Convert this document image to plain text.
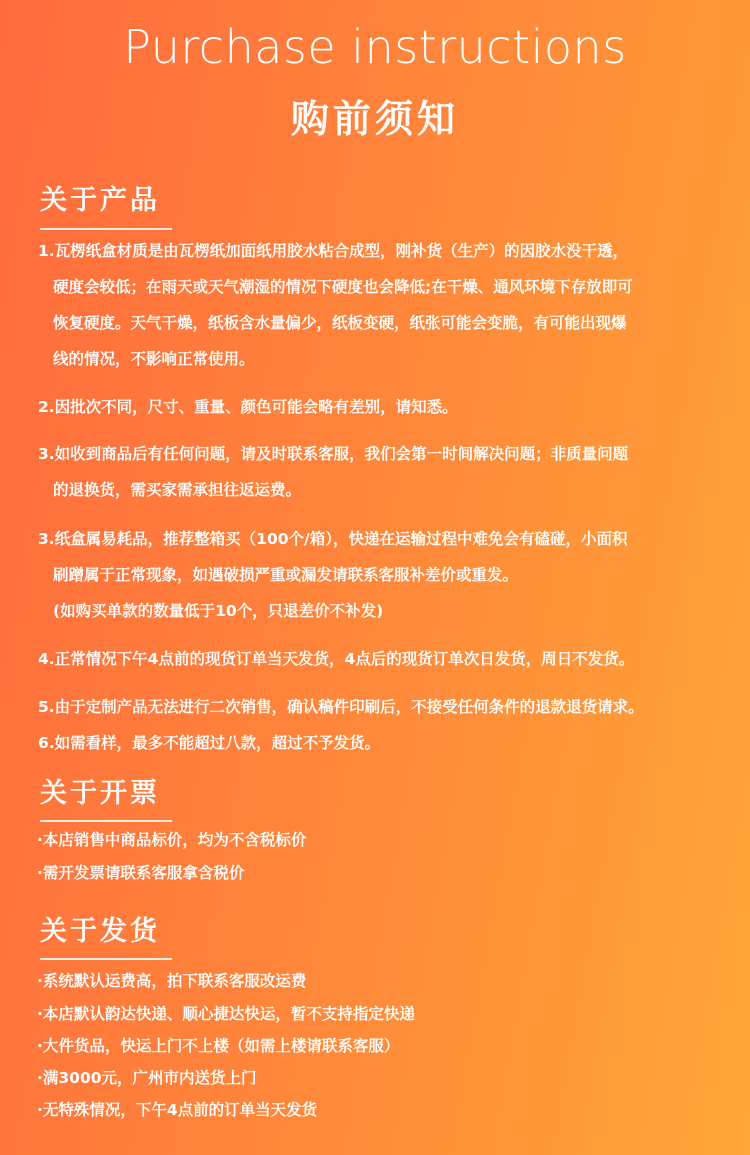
Purchase instructions
购前须知
关于产品
1.瓦楞纸盒材质是由瓦楞纸加面纸用胶水粘合成型，刚补货（生产）的因胶水没干透，
硬度会较低；在雨天或天气潮湿的情况下硬度也会降低;在干燥、通风环境下存放即可
恢复硬度。天气干燥，纸板含水量偏少，纸板变硬，纸张可能会变脆，有可能出现爆
线的情况，不影响正常使用。
2.因批次不同，尺寸、重量、颜色可能会略有差别，请知悉。
3.如收到商品后有任何问题，请及时联系客服，我们会第一时间解决问题；非质量问题
的退换货，需买家需承担往返运费。
3.纸盒属易耗品，推荐整箱买（100个/箱），快递在运输过程中难免会有磕碰，小面积
刷蹭属于正常现象，如遇破损严重或漏发请联系客服补差价或重发。
(如购买单款的数量低于10个，只退差价不补发)
4.正常情况下午4点前的现货订单当天发货，4点后的现货订单次日发货，周日不发货。
5.由于定制产品无法进行二次销售，确认稿件印刷后，不接受任何条件的退款退货请求。
6.如需看样，最多不能超过八款，超过不予发货。
关于开票
·本店销售中商品标价，均为不含税标价
·需开发票请联系客服拿含税价
关于发货
·系统默认运费高，拍下联系客服改运费
·本店默认韵达快递、顺心捷达快运，暂不支持指定快递
·大件货品，快运上门不上楼（如需上楼请联系客服）
·满3000元，广州市内送货上门
·无特殊情况，下午4点前的订单当天发货
